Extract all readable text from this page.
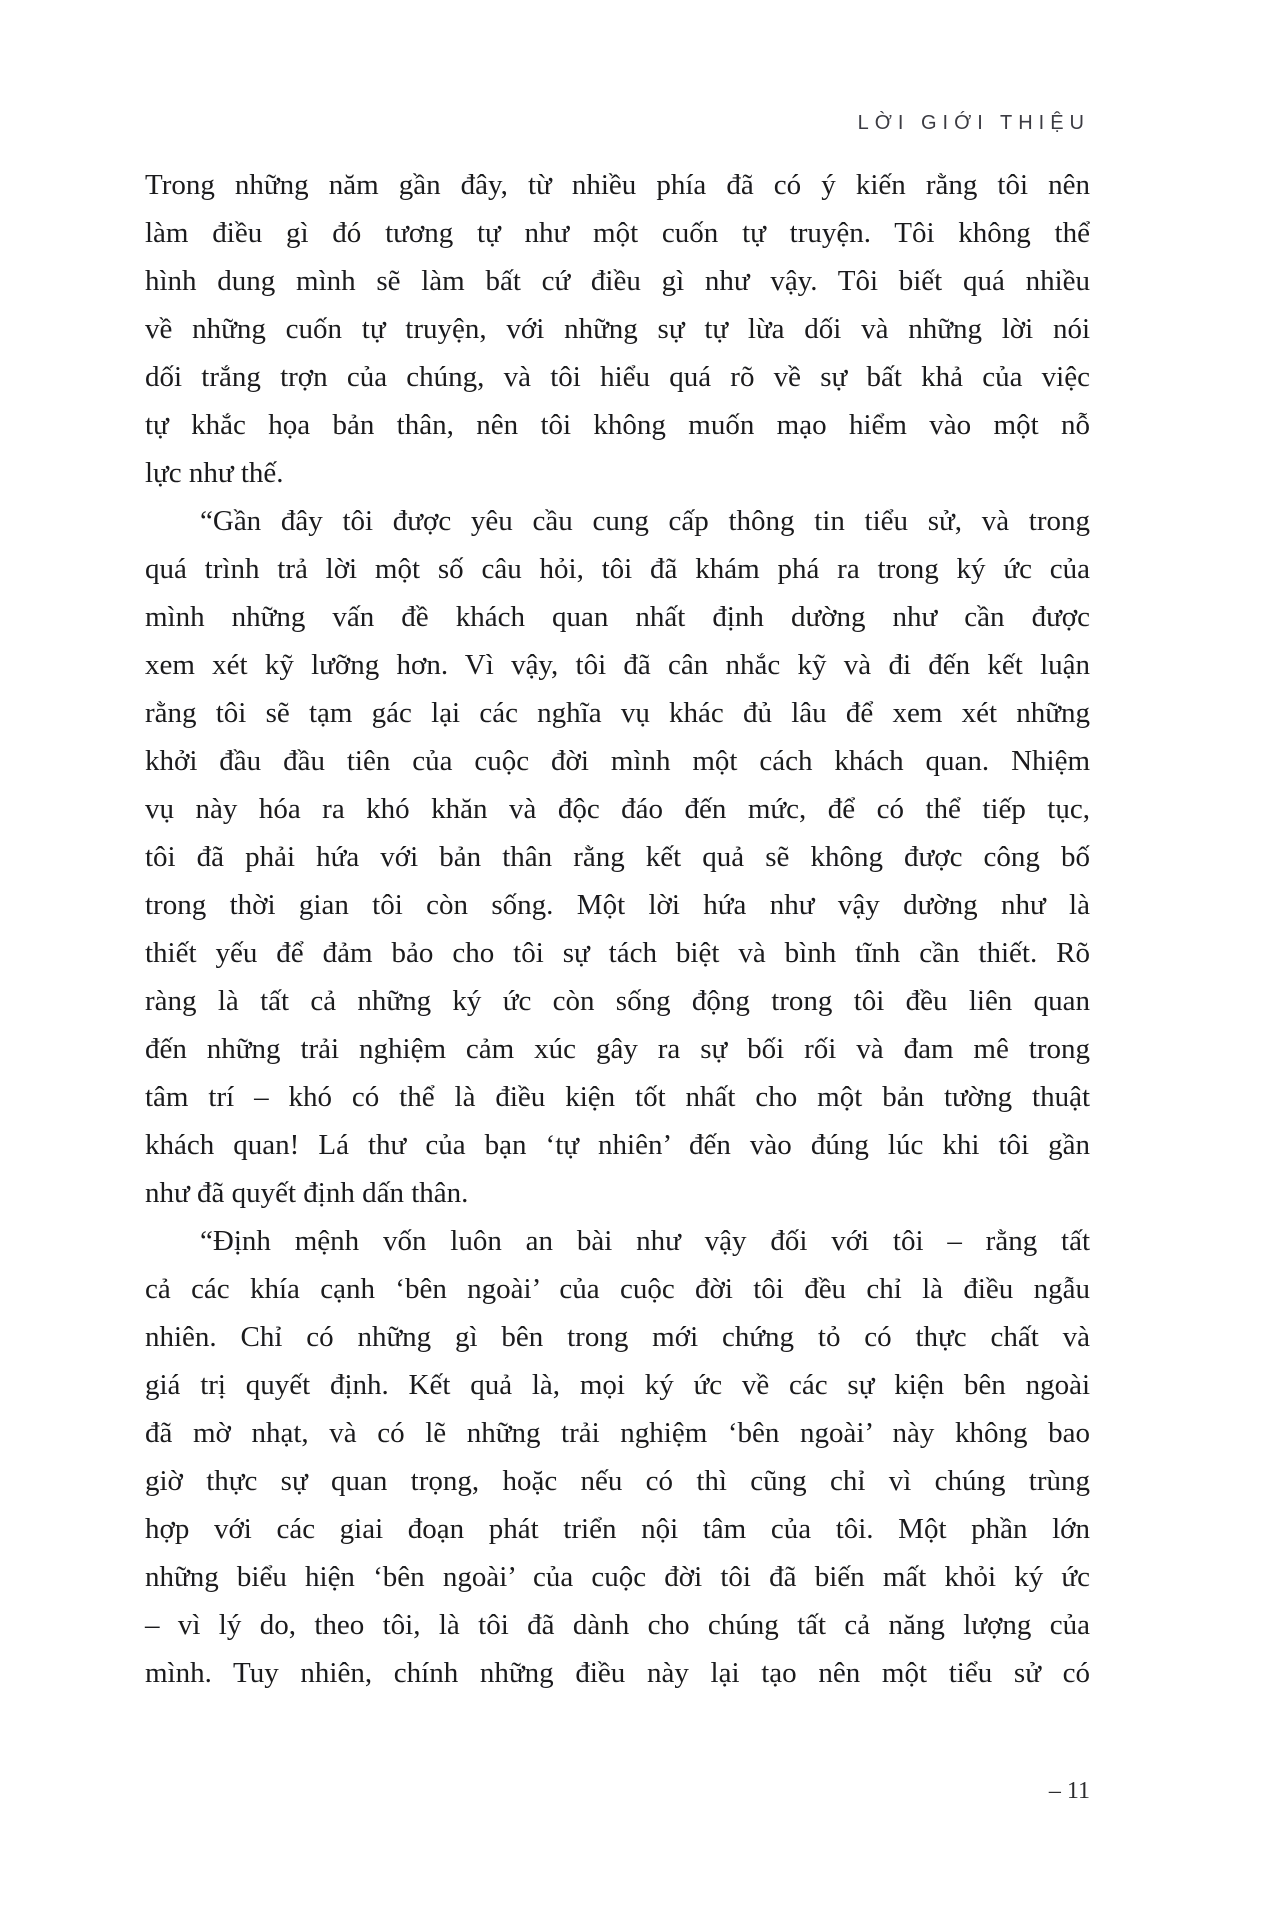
LỜI GIỚI THIỆU
Trong những năm gần đây, từ nhiều phía đã có ý kiến rằng tôi nên
làm điều gì đó tương tự như một cuốn tự truyện. Tôi không thể
hình dung mình sẽ làm bất cứ điều gì như vậy. Tôi biết quá nhiều
về những cuốn tự truyện, với những sự tự lừa dối và những lời nói
dối trắng trợn của chúng, và tôi hiểu quá rõ về sự bất khả của việc
tự khắc họa bản thân, nên tôi không muốn mạo hiểm vào một nỗ
lực như thế.
“Gần đây tôi được yêu cầu cung cấp thông tin tiểu sử, và trong
quá trình trả lời một số câu hỏi, tôi đã khám phá ra trong ký ức của
mình những vấn đề khách quan nhất định dường như cần được
xem xét kỹ lưỡng hơn. Vì vậy, tôi đã cân nhắc kỹ và đi đến kết luận
rằng tôi sẽ tạm gác lại các nghĩa vụ khác đủ lâu để xem xét những
khởi đầu đầu tiên của cuộc đời mình một cách khách quan. Nhiệm
vụ này hóa ra khó khăn và độc đáo đến mức, để có thể tiếp tục,
tôi đã phải hứa với bản thân rằng kết quả sẽ không được công bố
trong thời gian tôi còn sống. Một lời hứa như vậy dường như là
thiết yếu để đảm bảo cho tôi sự tách biệt và bình tĩnh cần thiết. Rõ
ràng là tất cả những ký ức còn sống động trong tôi đều liên quan
đến những trải nghiệm cảm xúc gây ra sự bối rối và đam mê trong
tâm trí – khó có thể là điều kiện tốt nhất cho một bản tường thuật
khách quan! Lá thư của bạn ‘tự nhiên’ đến vào đúng lúc khi tôi gần
như đã quyết định dấn thân.
“Định mệnh vốn luôn an bài như vậy đối với tôi – rằng tất
cả các khía cạnh ‘bên ngoài’ của cuộc đời tôi đều chỉ là điều ngẫu
nhiên. Chỉ có những gì bên trong mới chứng tỏ có thực chất và
giá trị quyết định. Kết quả là, mọi ký ức về các sự kiện bên ngoài
đã mờ nhạt, và có lẽ những trải nghiệm ‘bên ngoài’ này không bao
giờ thực sự quan trọng, hoặc nếu có thì cũng chỉ vì chúng trùng
hợp với các giai đoạn phát triển nội tâm của tôi. Một phần lớn
những biểu hiện ‘bên ngoài’ của cuộc đời tôi đã biến mất khỏi ký ức
– vì lý do, theo tôi, là tôi đã dành cho chúng tất cả năng lượng của
mình. Tuy nhiên, chính những điều này lại tạo nên một tiểu sử có
– 11
